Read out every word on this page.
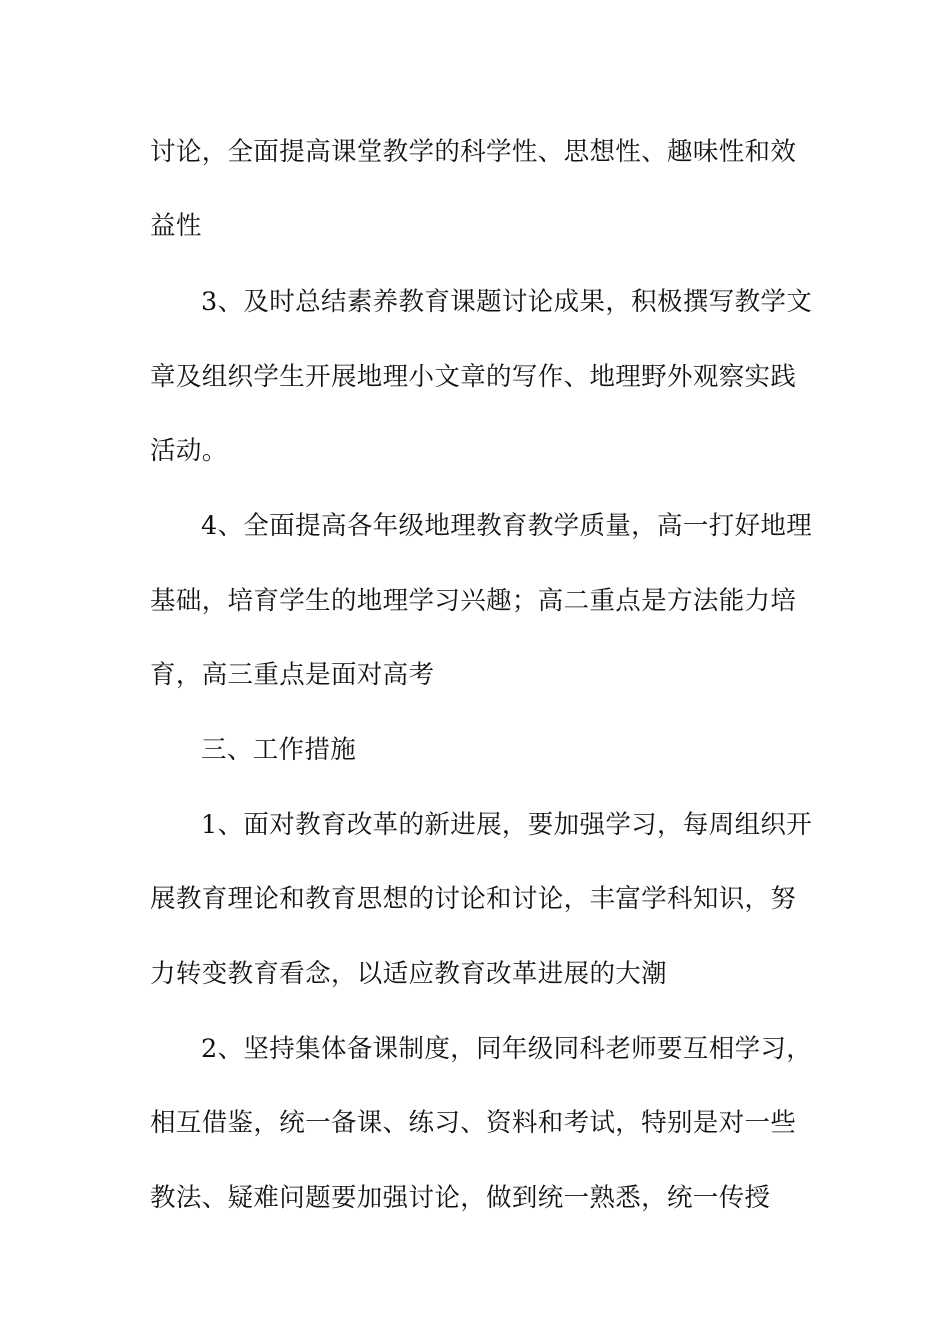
讨论，全面提高课堂教学的科学性、思想性、趣味性和效
益性
3、及时总结素养教育课题讨论成果，积极撰写教学文
章及组织学生开展地理小文章的写作、地理野外观察实践
活动。
4、全面提高各年级地理教育教学质量，高一打好地理
基础，培育学生的地理学习兴趣；高二重点是方法能力培
育，高三重点是面对高考
三、工作措施
1、面对教育改革的新进展，要加强学习，每周组织开
展教育理论和教育思想的讨论和讨论，丰富学科知识，努
力转变教育看念，以适应教育改革进展的大潮
2、坚持集体备课制度，同年级同科老师要互相学习，
相互借鉴，统一备课、练习、资料和考试，特别是对一些
教法、疑难问题要加强讨论，做到统一熟悉，统一传授
